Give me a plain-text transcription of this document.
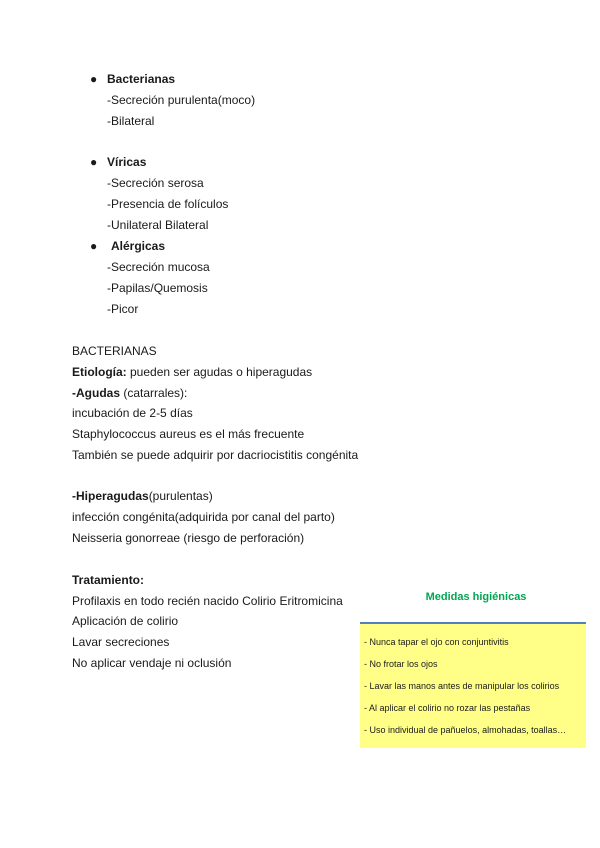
● Bacterianas
-Secreción purulenta(moco)
-Bilateral
● Víricas
-Secreción serosa
-Presencia de folículos
-Unilateral Bilateral
● Alérgicas
-Secreción mucosa
-Papilas/Quemosis
-Picor
BACTERIANAS
Etiología: pueden ser agudas o hiperagudas
-Agudas (catarrales):
incubación de 2-5 días
Staphylococcus aureus es el más frecuente
También se puede adquirir por dacriocistitis congénita
-Hiperagudas(purulentas)
infección congénita(adquirida por canal del parto)
Neisseria gonorreae (riesgo de perforación)
Tratamiento:
Profilaxis en todo recién nacido Colirio Eritromicina
Aplicación de colirio
Lavar secreciones
No aplicar vendaje ni oclusión
Medidas higiénicas
- Nunca tapar el ojo con conjuntivitis
- No frotar los ojos
- Lavar las manos antes de manipular los colirios
- Al aplicar el colirio no rozar las pestañas
- Uso individual de pañuelos, almohadas, toallas…
